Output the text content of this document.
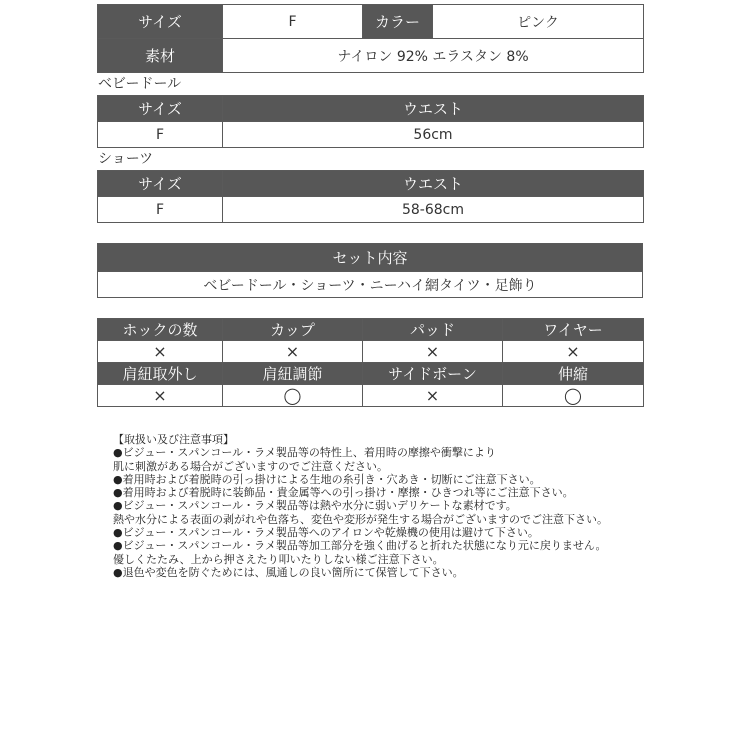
サイズ	F	カラー	ピンク
素材	ナイロン 92% エラスタン 8%		
ベビードール
サイズ	ウエスト
F	56cm
ショーツ
サイズ	ウエスト
F	58-68cm
セット内容
ベビードール・ショーツ・ニーハイ網タイツ・足飾り
ホックの数	カップ	パッド	ワイヤー
×	×	×	×
肩紐取外し	肩紐調節	サイドボーン	伸縮
×	◯	×	◯
【取扱い及び注意事項】
●ビジュー・スパンコール・ラメ製品等の特性上、着用時の摩擦や衝撃により
肌に刺激がある場合がございますのでご注意ください。
●着用時および着脱時の引っ掛けによる生地の糸引き・穴あき・切断にご注意下さい。
●着用時および着脱時に装飾品・貴金属等への引っ掛け・摩擦・ひきつれ等にご注意下さい。
●ビジュー・スパンコール・ラメ製品等は熱や水分に弱いデリケートな素材です。
熱や水分による表面の剥がれや色落ち、変色や変形が発生する場合がございますのでご注意下さい。
●ビジュー・スパンコール・ラメ製品等へのアイロンや乾燥機の使用は避けて下さい。
●ビジュー・スパンコール・ラメ製品等加工部分を強く曲げると折れた状態になり元に戻りません。
優しくたたみ、上から押さえたり叩いたりしない様ご注意下さい。
●退色や変色を防ぐためには、風通しの良い箇所にて保管して下さい。
